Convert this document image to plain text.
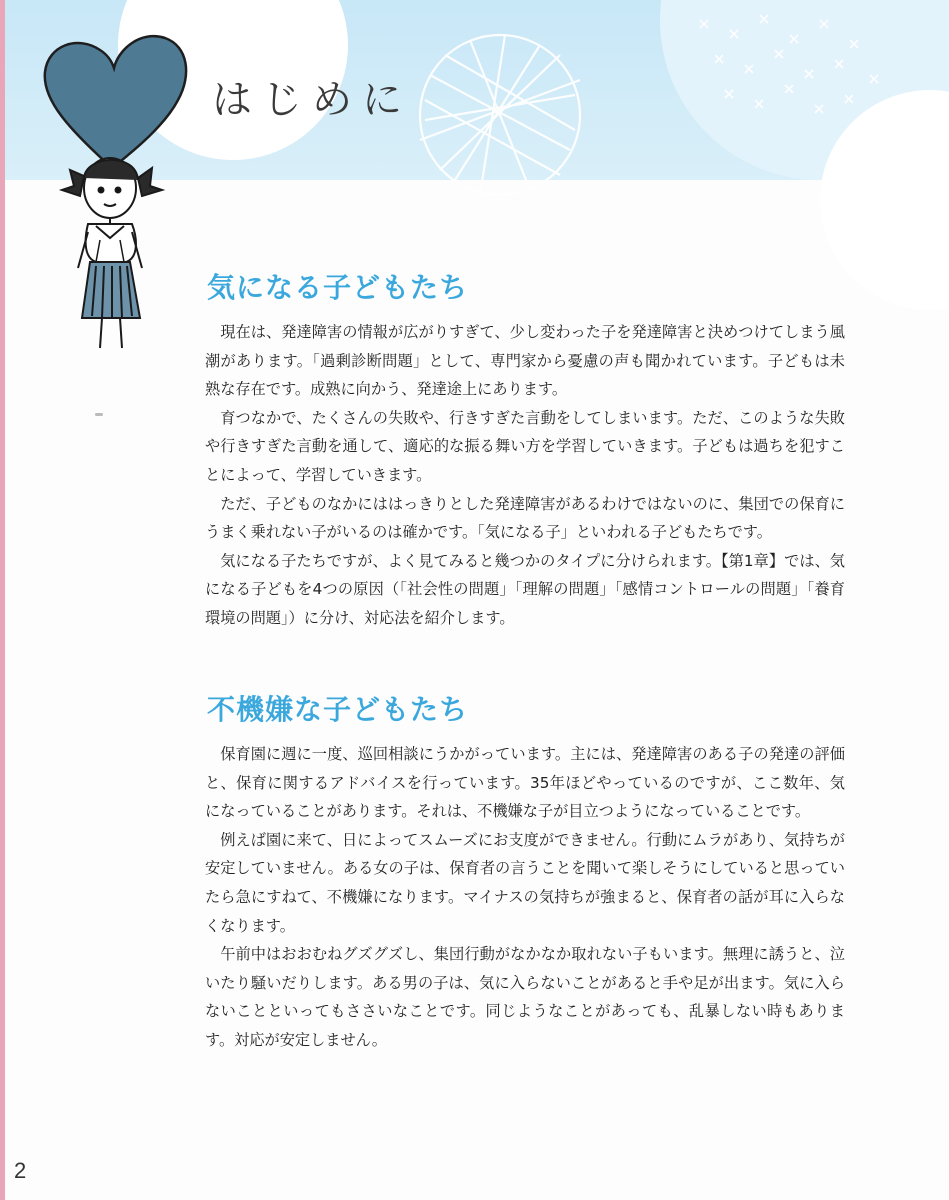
はじめに
気になる子どもたち

現在は、発達障害の情報が広がりすぎて、少し変わった子を発達障害と決めつけてしまう風潮があります。「過剰診断問題」として、専門家から憂慮の声も聞かれています。子どもは未熟な存在です。成熟に向かう、発達途上にあります。

育つなかで、たくさんの失敗や、行きすぎた言動をしてしまいます。ただ、このような失敗や行きすぎた言動を通して、適応的な振る舞い方を学習していきます。子どもは過ちを犯すことによって、学習していきます。

ただ、子どものなかにははっきりとした発達障害があるわけではないのに、集団での保育にうまく乗れない子がいるのは確かです。「気になる子」といわれる子どもたちです。

気になる子たちですが、よく見てみると幾つかのタイプに分けられます。【第1章】では、気になる子どもを4つの原因（「社会性の問題」「理解の問題」「感情コントロールの問題」「養育環境の問題」）に分け、対応法を紹介します。

不機嫌な子どもたち

保育園に週に一度、巡回相談にうかがっています。主には、発達障害のある子の発達の評価と、保育に関するアドバイスを行っています。35年ほどやっているのですが、ここ数年、気になっていることがあります。それは、不機嫌な子が目立つようになっていることです。

例えば園に来て、日によってスムーズにお支度ができません。行動にムラがあり、気持ちが安定していません。ある女の子は、保育者の言うことを聞いて楽しそうにしていると思っていたら急にすねて、不機嫌になります。マイナスの気持ちが強まると、保育者の話が耳に入らなくなります。

午前中はおおむねグズグズし、集団行動がなかなか取れない子もいます。無理に誘うと、泣いたり騒いだりします。ある男の子は、気に入らないことがあると手や足が出ます。気に入らないことといってもささいなことです。同じようなことがあっても、乱暴しない時もあります。対応が安定しません。

2
